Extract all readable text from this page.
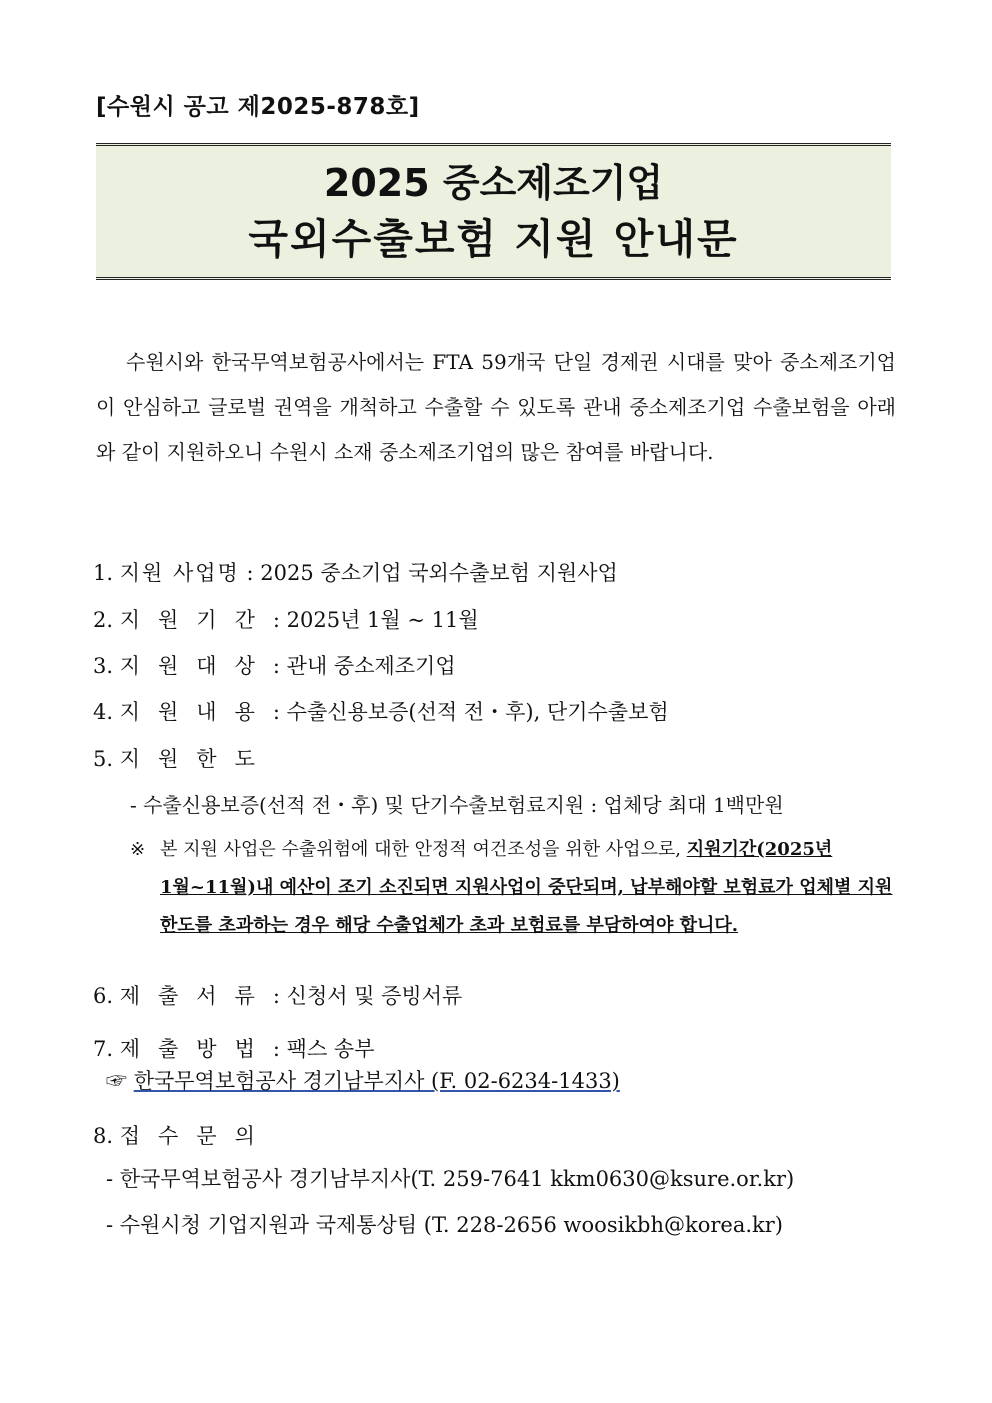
[수원시 공고 제2025-878호]
2025 중소제조기업
국외수출보험 지원 안내문

수원시와 한국무역보험공사에서는 FTA 59개국 단일 경제권 시대를 맞아 중소제조기업이 안심하고 글로벌 권역을 개척하고 수출할 수 있도록 관내 중소제조기업 수출보험을 아래와 같이 지원하오니 수원시 소재 중소제조기업의 많은 참여를 바랍니다.

1. 지원 사업명 : 2025 중소기업 국외수출보험 지원사업
2. 지원기간: 2025년 1월 ~ 11월
3. 지원대상: 관내 중소제조기업
4. 지원내용: 수출신용보증(선적 전・후), 단기수출보험
5. 지원한도
- 수출신용보증(선적 전・후) 및 단기수출보험료지원 : 업체당 최대 1백만원
※ 본 지원 사업은 수출위험에 대한 안정적 여건조성을 위한 사업으로, 지원기간(2025년
1월~11월)내 예산이 조기 소진되면 지원사업이 중단되며, 납부해야할 보험료가 업체별 지원
한도를 초과하는 경우 해당 수출업체가 초과 보험료를 부담하여야 합니다.
6. 제출서류: 신청서 및 증빙서류
7. 제출방법: 팩스 송부
☞ 한국무역보험공사 경기남부지사 (F. 02-6234-1433)
8. 접수문의
- 한국무역보험공사 경기남부지사(T. 259-7641 kkm0630@ksure.or.kr)
- 수원시청 기업지원과 국제통상팀 (T. 228-2656 woosikbh@korea.kr)
